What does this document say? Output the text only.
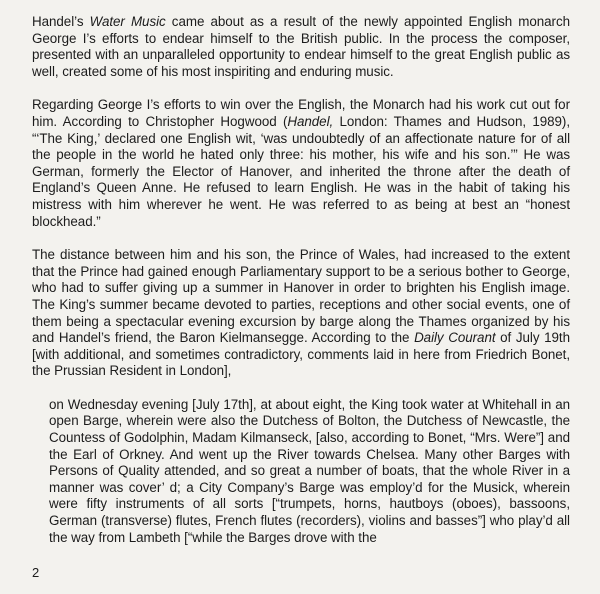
Handel’s Water Music came about as a result of the newly appointed English monarch George I’s efforts to endear himself to the British public. In the process the composer, presented with an unparalleled opportunity to endear himself to the great English public as well, created some of his most inspiriting and enduring music.

Regarding George I’s efforts to win over the English, the Monarch had his work cut out for him. According to Christopher Hogwood (Handel, London: Thames and Hudson, 1989), “‘The King,’ declared one English wit, ‘was undoubtedly of an affectionate nature for of all the people in the world he hated only three: his mother, his wife and his son.’” He was German, formerly the Elector of Hanover, and inherited the throne after the death of England’s Queen Anne. He refused to learn English. He was in the habit of taking his mistress with him wherever he went. He was referred to as being at best an “honest blockhead.”

The distance between him and his son, the Prince of Wales, had increased to the extent that the Prince had gained enough Parliamentary support to be a serious bother to George, who had to suffer giving up a summer in Hanover in order to brighten his English image. The King’s summer became devoted to parties, receptions and other social events, one of them being a spectacular evening excursion by barge along the Thames organized by his and Handel’s friend, the Baron Kielmansegge. According to the Daily Courant of July 19th [with additional, and sometimes contradictory, comments laid in here from Friedrich Bonet, the Prussian Resident in London],

on Wednesday evening [July 17th], at about eight, the King took water at Whitehall in an open Barge, wherein were also the Dutchess of Bolton, the Dutchess of Newcastle, the Countess of Godolphin, Madam Kilmanseck, [also, according to Bonet, “Mrs. Were”] and the Earl of Orkney. And went up the River towards Chelsea. Many other Barges with Persons of Quality attended, and so great a number of boats, that the whole River in a manner was cover’ d; a City Company’s Barge was employ’d for the Musick, wherein were fifty instruments of all sorts [“trumpets, horns, hautboys (oboes), bassoons, German (transverse) flutes, French flutes (recorders), violins and basses”] who play’d all the way from Lambeth [“while the Barges drove with the

2
